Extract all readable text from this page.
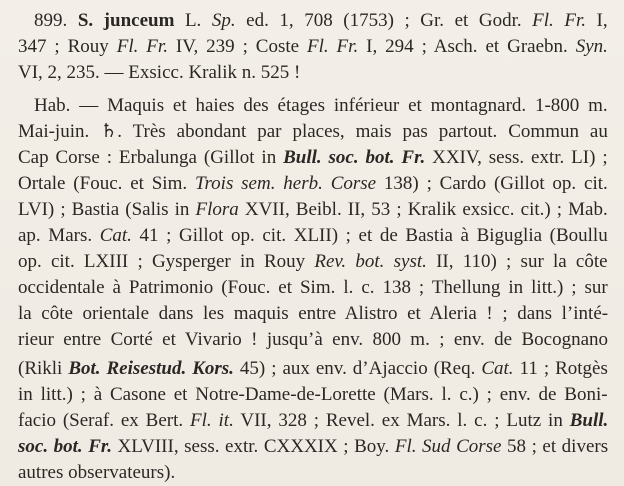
899. S. junceum L. Sp. ed. 1, 708 (1753) ; Gr. et Godr. Fl. Fr. I,
347 ; Rouy Fl. Fr. IV, 239 ; Coste Fl. Fr. I, 294 ; Asch. et Graebn. Syn.
VI, 2, 235. — Exsicc. Kralik n. 525 !
Hab. — Maquis et haies des étages inférieur et montagnard. 1-800 m.
Mai-juin. ♄. Très abondant par places, mais pas partout. Commun au
Cap Corse : Erbalunga (Gillot in Bull. soc. bot. Fr. XXIV, sess. extr. LI) ;
Ortale (Fouc. et Sim. Trois sem. herb. Corse 138) ; Cardo (Gillot op. cit.
LVI) ; Bastia (Salis in Flora XVII, Beibl. II, 53 ; Kralik exsicc. cit.) ; Mab.
ap. Mars. Cat. 41 ; Gillot op. cit. XLII) ; et de Bastia à Biguglia (Boullu
op. cit. LXIII ; Gysperger in Rouy Rev. bot. syst. II, 110) ; sur la côte
occidentale à Patrimonio (Fouc. et Sim. l. c. 138 ; Thellung in litt.) ; sur
la côte orientale dans les maquis entre Alistro et Aleria ! ; dans l’inté-
rieur entre Corté et Vivario ! jusqu’à env. 800 m. ; env. de Bocognano
(Rikli Bot. Reisestud. Kors. 45) ; aux env. d’Ajaccio (Req. Cat. 11 ; Rotgès
in litt.) ; à Casone et Notre-Dame-de-Lorette (Mars. l. c.) ; env. de Boni-
facio (Seraf. ex Bert. Fl. it. VII, 328 ; Revel. ex Mars. l. c. ; Lutz in Bull.
soc. bot. Fr. XLVIII, sess. extr. CXXXIX ; Boy. Fl. Sud Corse 58 ; et divers
autres observateurs).
